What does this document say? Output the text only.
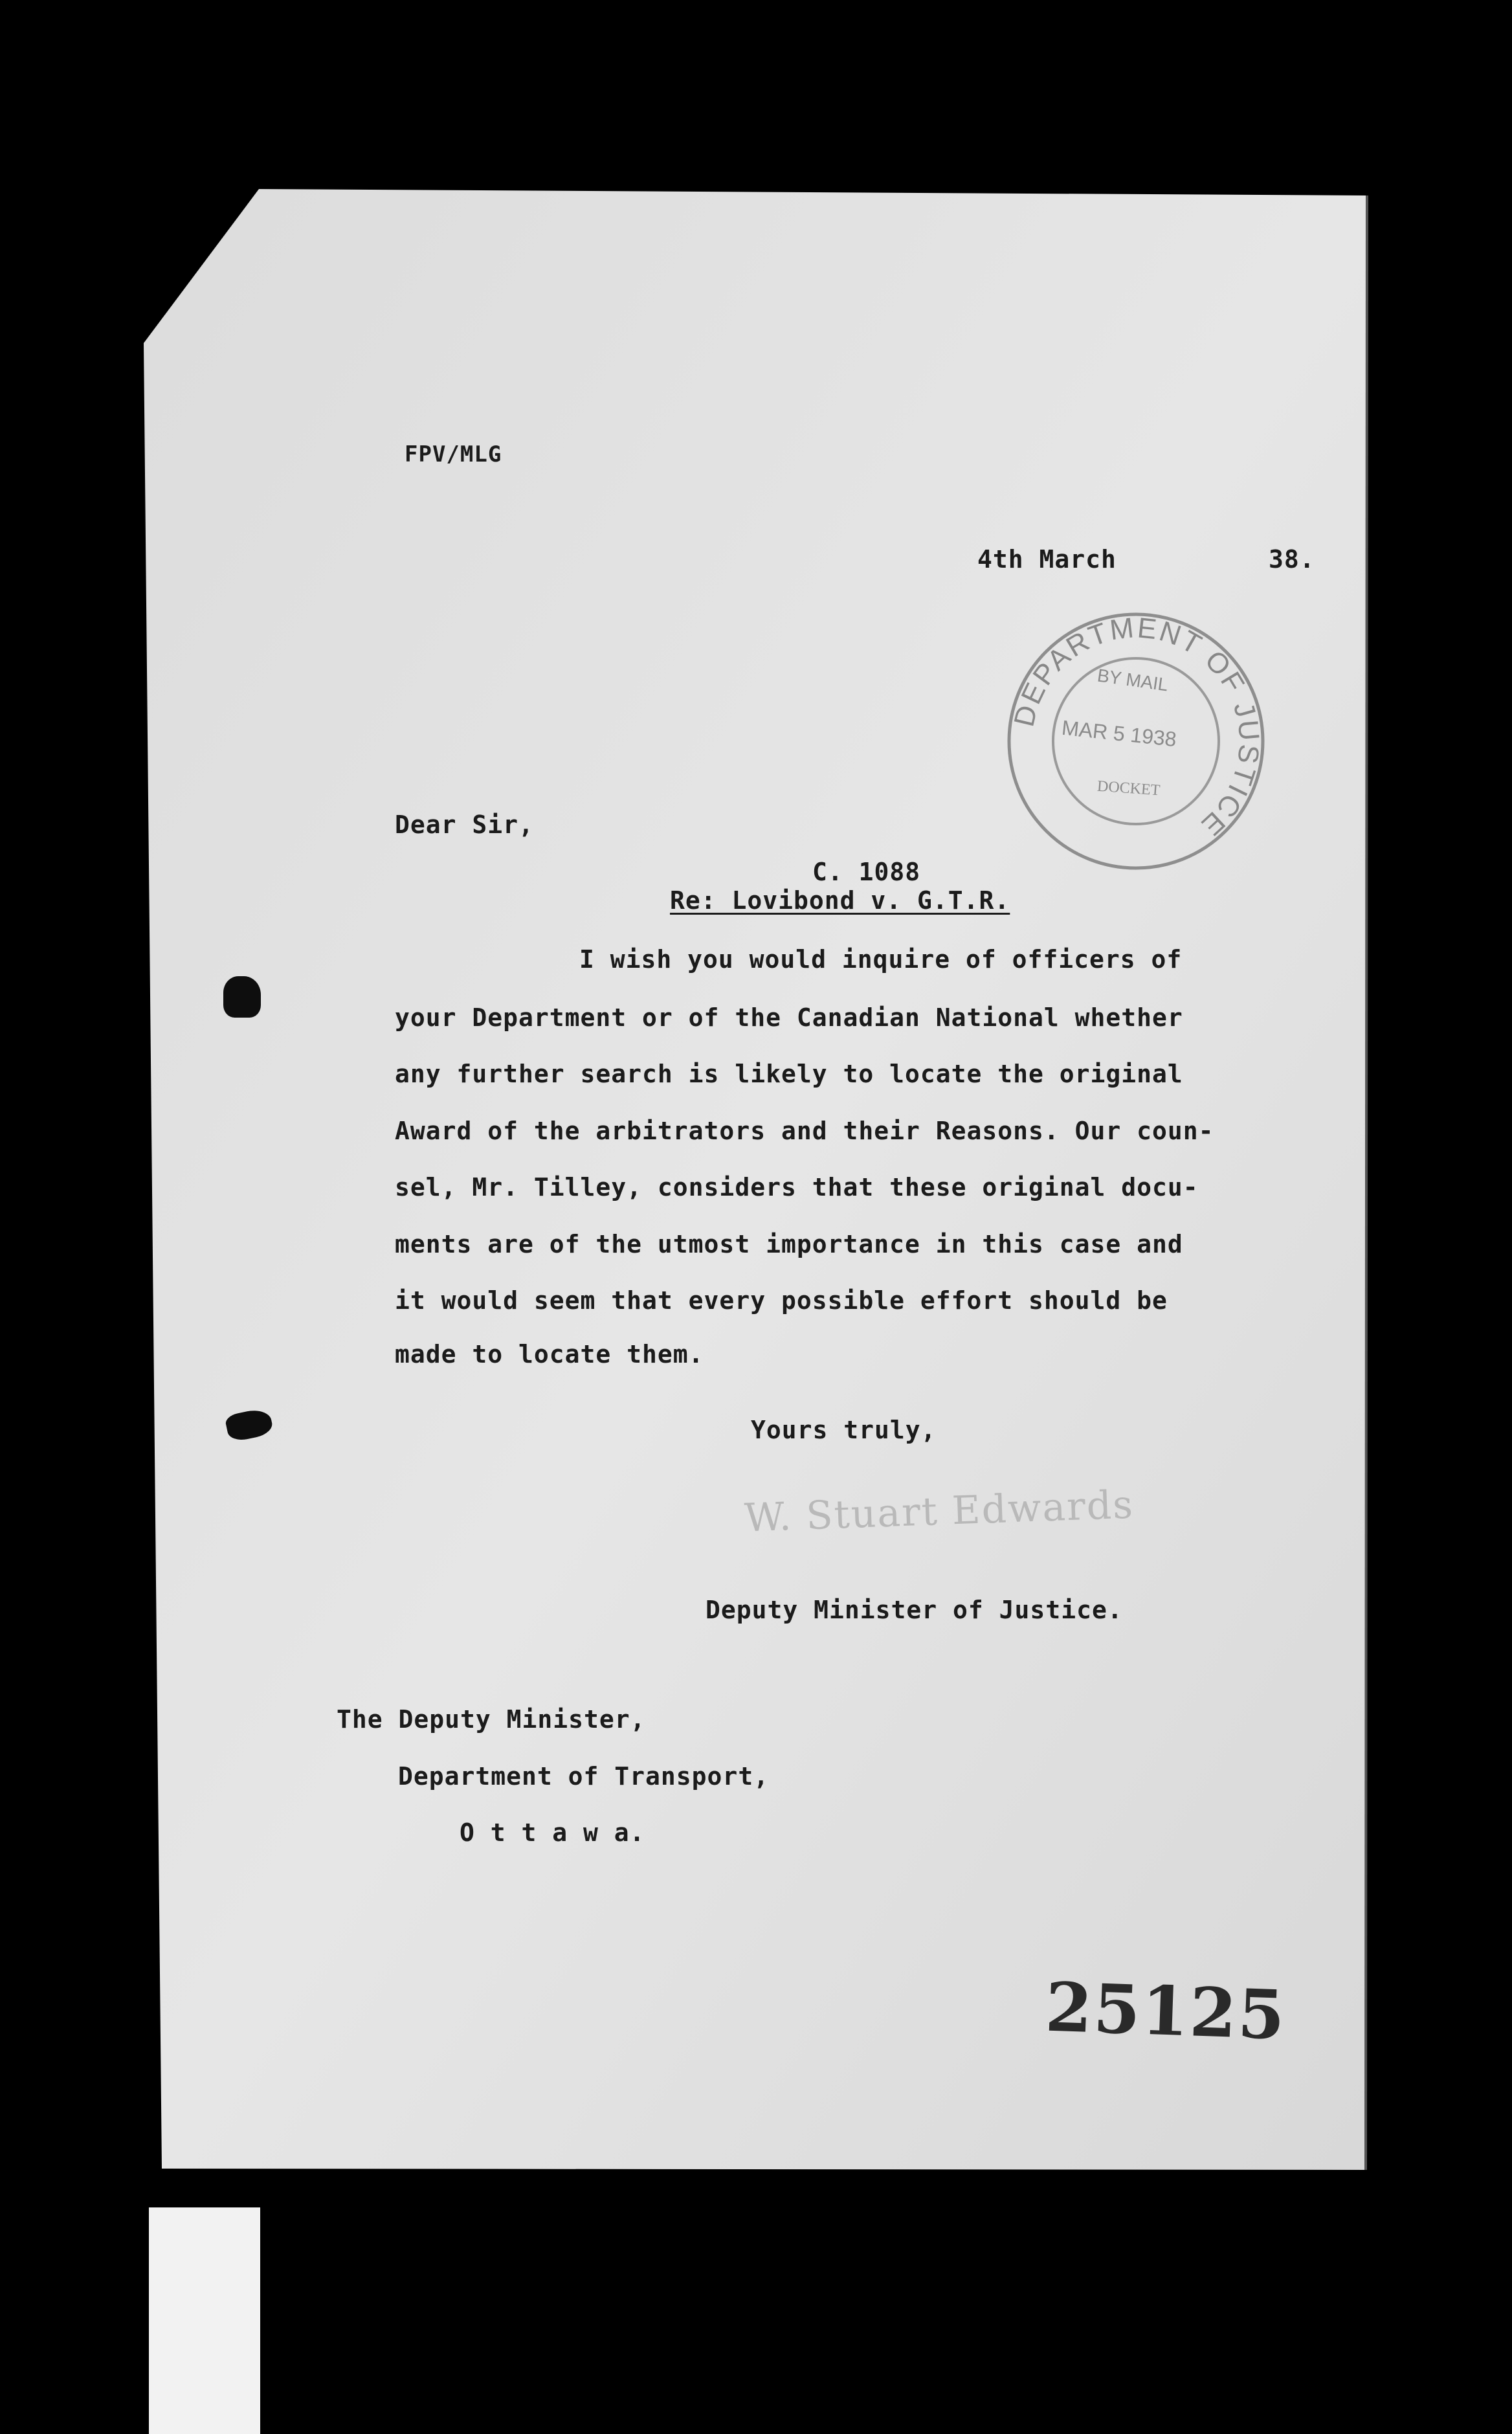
FPV/MLG
4th March	38.
DEPARTMENT OF JUSTICE
BY MAIL
MAR 5 1938
DOCKET
Dear Sir,
C. 1088
Re: Lovibond v. G.T.R.
I wish you would inquire of officers of
your Department or of the Canadian National whether
any further search is likely to locate the original
Award of the arbitrators and their Reasons. Our coun-
sel, Mr. Tilley, considers that these original docu-
ments are of the utmost importance in this case and
it would seem that every possible effort should be
made to locate them.
Yours truly,
W. Stuart Edwards
Deputy Minister of Justice.
The Deputy Minister,
Department of Transport,
O t t a w a.
25125
